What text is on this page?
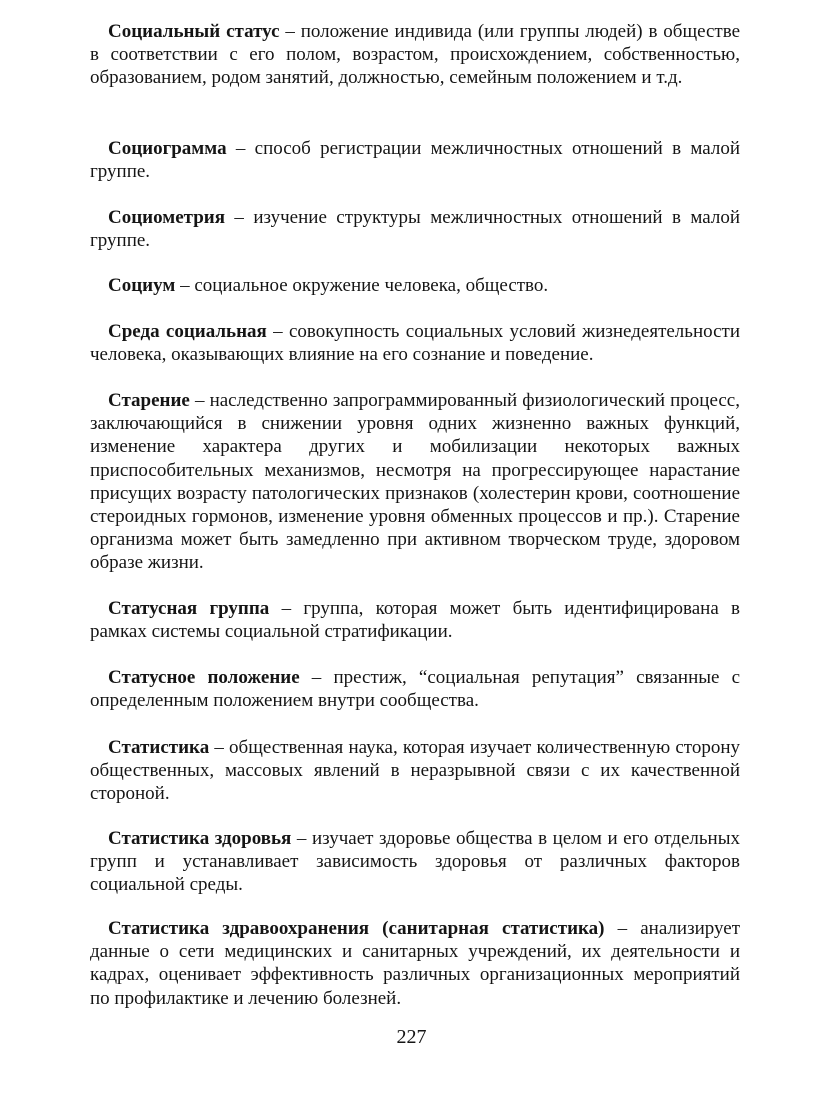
Социальный статус – положение индивида (или группы людей) в обществе в соответствии с его полом, возрастом, происхождением, собственностью, образованием, родом занятий, должностью, семейным положением и т.д.

Социограмма – способ регистрации межличностных отношений в малой группе.

Социометрия – изучение структуры межличностных отношений в малой группе.

Социум – социальное окружение человека, общество.

Среда социальная – совокупность социальных условий жизнедеятельности человека, оказывающих влияние на его сознание и поведение.

Старение – наследственно запрограммированный физиологический процесс, заключающийся в снижении уровня одних жизненно важных функций, изменение характера других и мобилизации некоторых важных приспособительных механизмов, несмотря на прогрессирующее нарастание присущих возрасту патологических признаков (холестерин крови, соотношение стероидных гормонов, изменение уровня обменных процессов и пр.). Старение организма может быть замедленно при активном творческом труде, здоровом образе жизни.

Статусная группа – группа, которая может быть идентифицирована в рамках системы социальной стратификации.

Статусное положение – престиж, “социальная репутация” связанные с определенным положением внутри сообщества.

Статистика – общественная наука, которая изучает количественную сторону общественных, массовых явлений в неразрывной связи с их качественной стороной.

Статистика здоровья – изучает здоровье общества в целом и его отдельных групп и устанавливает зависимость здоровья от различных факторов социальной среды.

Статистика здравоохранения (санитарная статистика) – анализирует данные о сети медицинских и санитарных учреждений, их деятельности и кадрах, оценивает эффективность различных организационных мероприятий по профилактике и лечению болезней.

227
